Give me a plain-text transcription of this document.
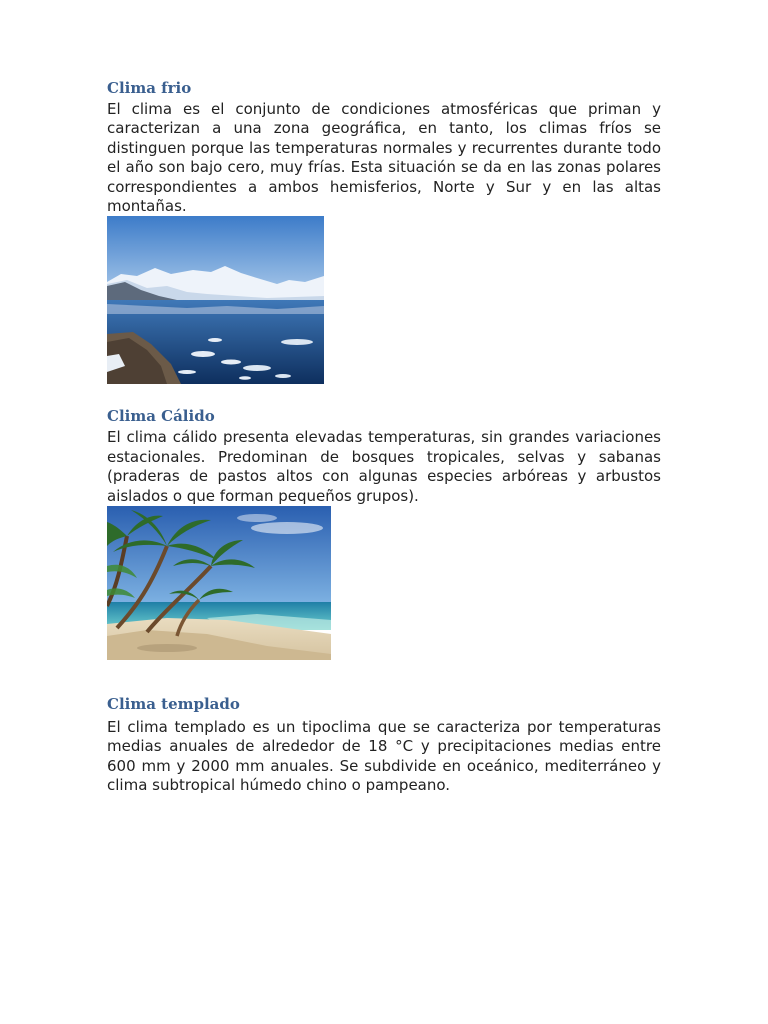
Clima frio

El clima es el conjunto de condiciones atmosféricas que priman y caracterizan a una zona geográfica, en tanto, los climas fríos se distinguen porque las temperaturas normales y recurrentes durante todo el año son bajo cero, muy frías. Esta situación se da en las zonas polares correspondientes a ambos hemisferios, Norte y Sur y en las altas montañas.

Clima Cálido

El clima cálido presenta elevadas temperaturas, sin grandes variaciones estacionales. Predominan de bosques tropicales, selvas y sabanas (praderas de pastos altos con algunas especies arbóreas y arbustos aislados o que forman pequeños grupos).

Clima templado

El clima templado es un tipoclima que se caracteriza por temperaturas medias anuales de alrededor de 18 °C y precipitaciones medias entre 600 mm y 2000 mm anuales. Se subdivide en oceánico, mediterráneo y clima subtropical húmedo chino o pampeano.
